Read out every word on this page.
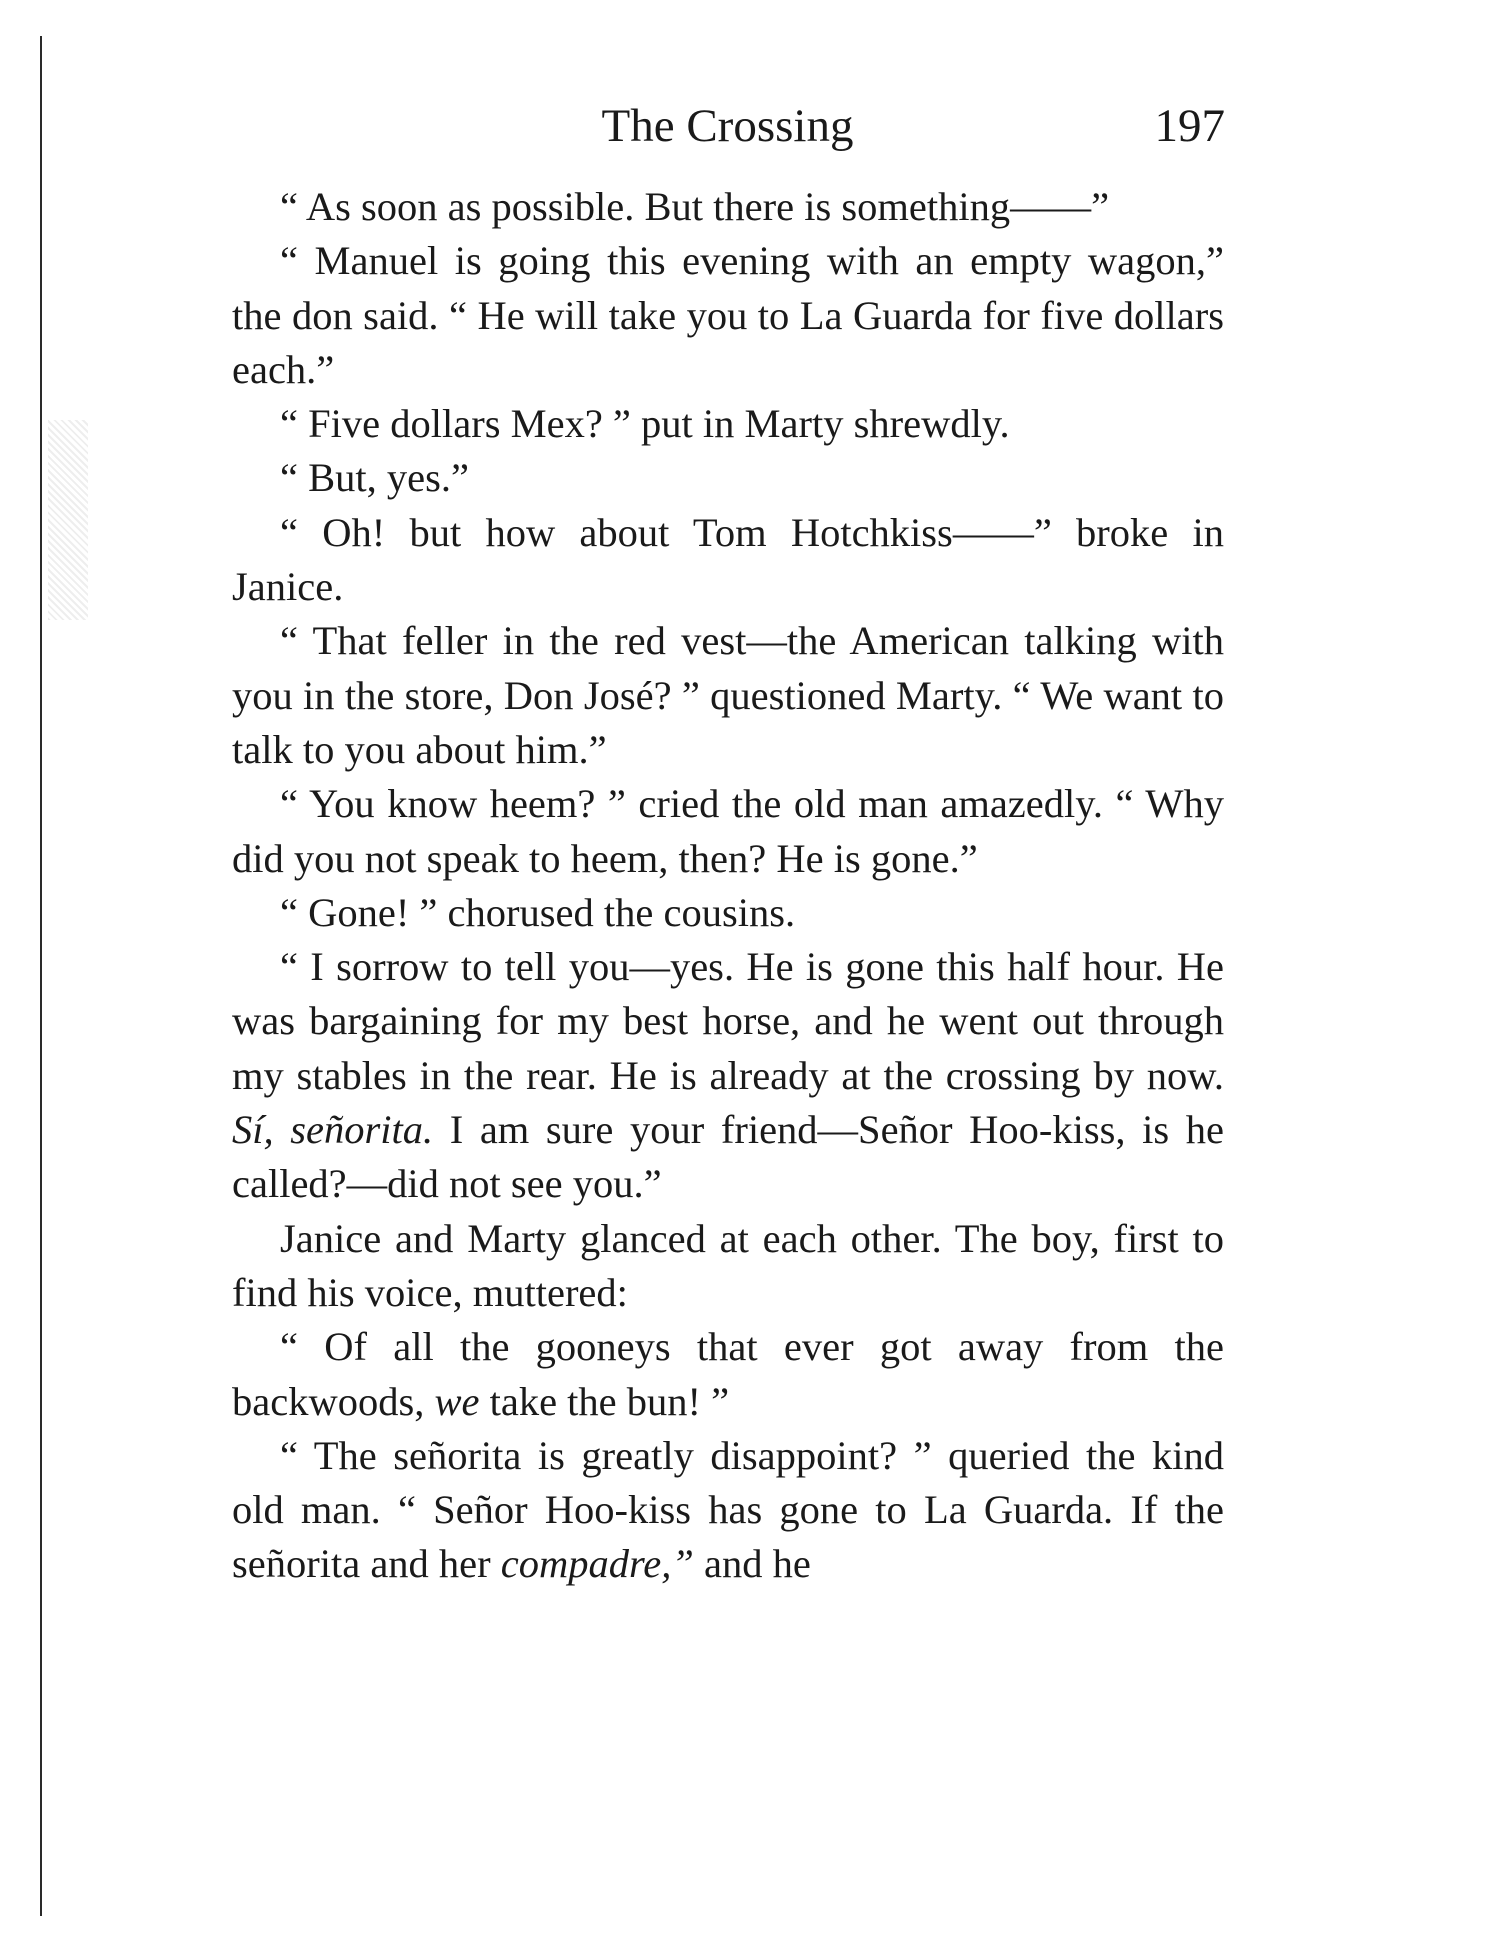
The Crossing	197

“ As soon as possible. But there is something——”

“ Manuel is going this evening with an empty wagon,” the don said. “ He will take you to La Guarda for five dollars each.”

“ Five dollars Mex? ” put in Marty shrewdly.

“ But, yes.”

“ Oh! but how about Tom Hotchkiss——” broke in Janice.

“ That feller in the red vest—the American talking with you in the store, Don José? ” questioned Marty. “ We want to talk to you about him.”

“ You know heem? ” cried the old man amazedly. “ Why did you not speak to heem, then? He is gone.”

“ Gone! ” chorused the cousins.

“ I sorrow to tell you—yes. He is gone this half hour. He was bargaining for my best horse, and he went out through my stables in the rear. He is already at the crossing by now. Sí, señorita. I am sure your friend—Señor Hoo-kiss, is he called?—did not see you.”

Janice and Marty glanced at each other. The boy, first to find his voice, muttered:

“ Of all the gooneys that ever got away from the backwoods, we take the bun! ”

“ The señorita is greatly disappoint? ” queried the kind old man. “ Señor Hoo-kiss has gone to La Guarda. If the señorita and her compadre,” and he
